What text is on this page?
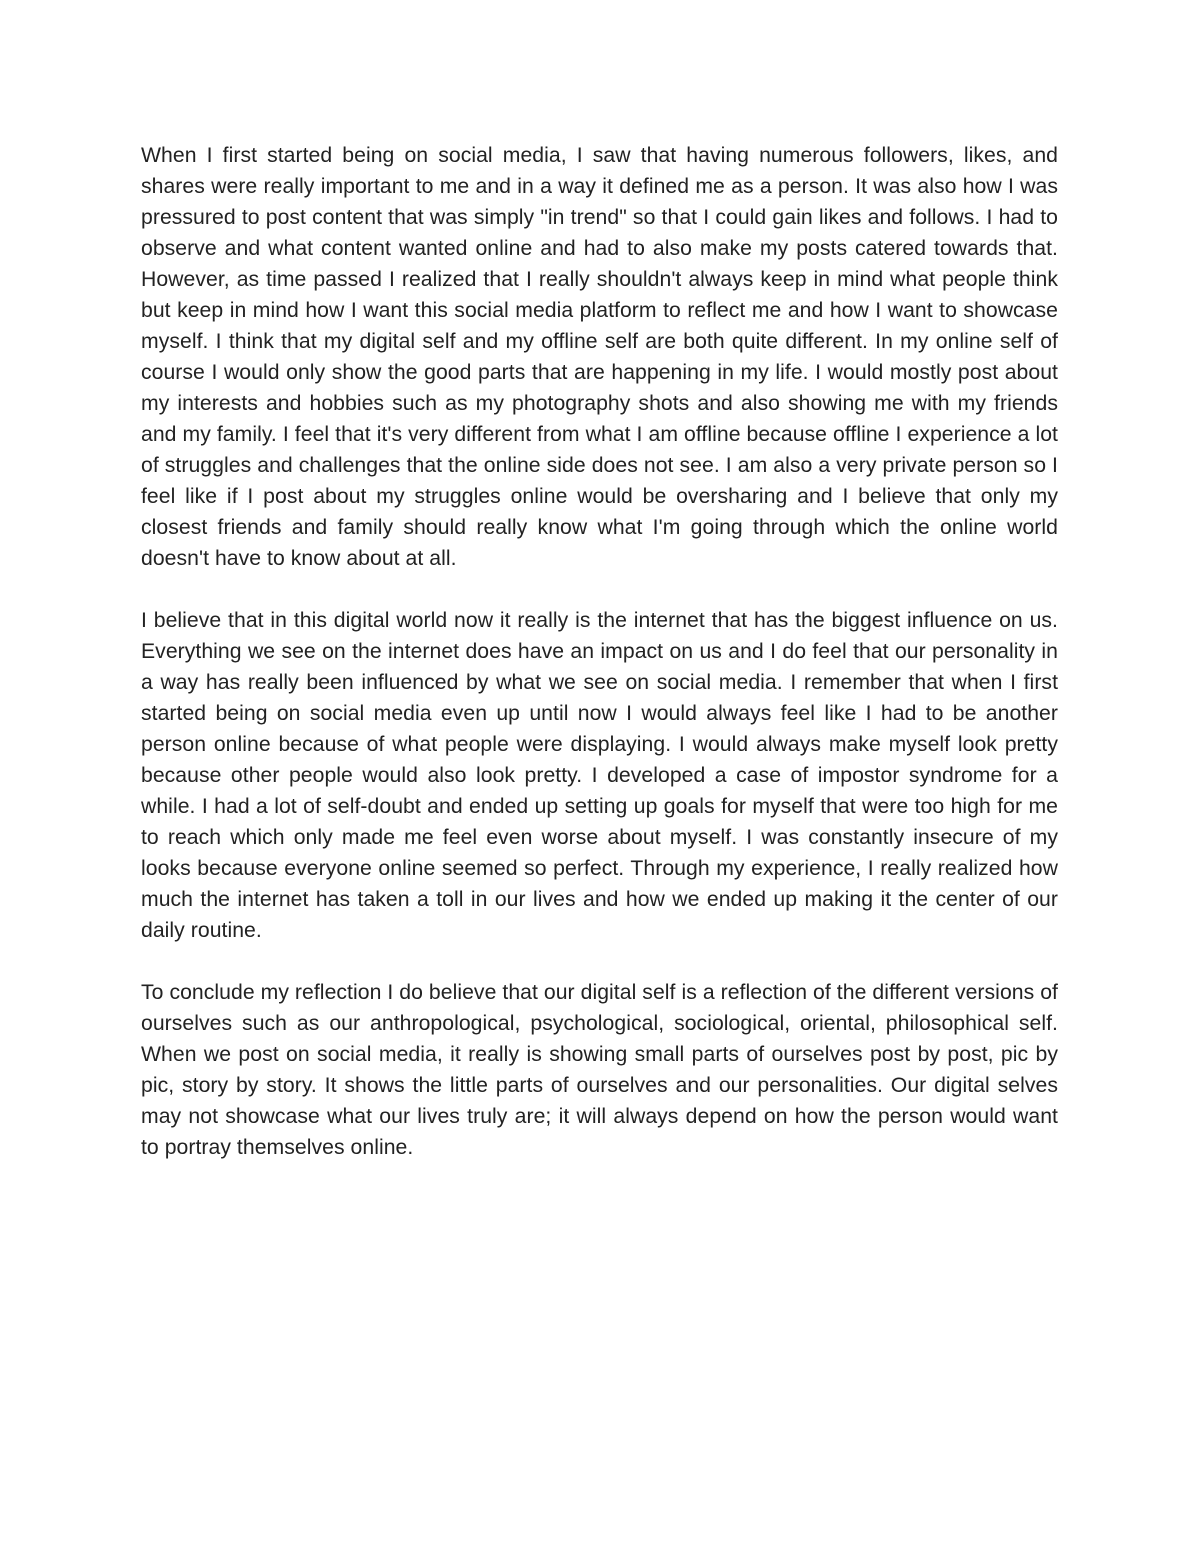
When I first started being on social media, I saw that having numerous followers, likes, and shares were really important to me and in a way it defined me as a person. It was also how I was pressured to post content that was simply "in trend" so that I could gain likes and follows. I had to observe and what content wanted online and had to also make my posts catered towards that. However, as time passed I realized that I really shouldn't always keep in mind what people think but keep in mind how I want this social media platform to reflect me and how I want to showcase myself. I think that my digital self and my offline self are both quite different. In my online self of course I would only show the good parts that are happening in my life. I would mostly post about my interests and hobbies such as my photography shots and also showing me with my friends and my family. I feel that it's very different from what I am offline because offline I experience a lot of struggles and challenges that the online side does not see. I am also a very private person so I feel like if I post about my struggles online would be oversharing and I believe that only my closest friends and family should really know what I'm going through which the online world doesn't have to know about at all.

I believe that in this digital world now it really is the internet that has the biggest influence on us. Everything we see on the internet does have an impact on us and I do feel that our personality in a way has really been influenced by what we see on social media. I remember that when I first started being on social media even up until now I would always feel like I had to be another person online because of what people were displaying. I would always make myself look pretty because other people would also look pretty. I developed a case of impostor syndrome for a while. I had a lot of self-doubt and ended up setting up goals for myself that were too high for me to reach which only made me feel even worse about myself. I was constantly insecure of my looks because everyone online seemed so perfect. Through my experience, I really realized how much the internet has taken a toll in our lives and how we ended up making it the center of our daily routine.

To conclude my reflection I do believe that our digital self is a reflection of the different versions of ourselves such as our anthropological, psychological, sociological, oriental, philosophical self. When we post on social media, it really is showing small parts of ourselves post by post, pic by pic, story by story. It shows the little parts of ourselves and our personalities. Our digital selves may not showcase what our lives truly are; it will always depend on how the person would want to portray themselves online.
